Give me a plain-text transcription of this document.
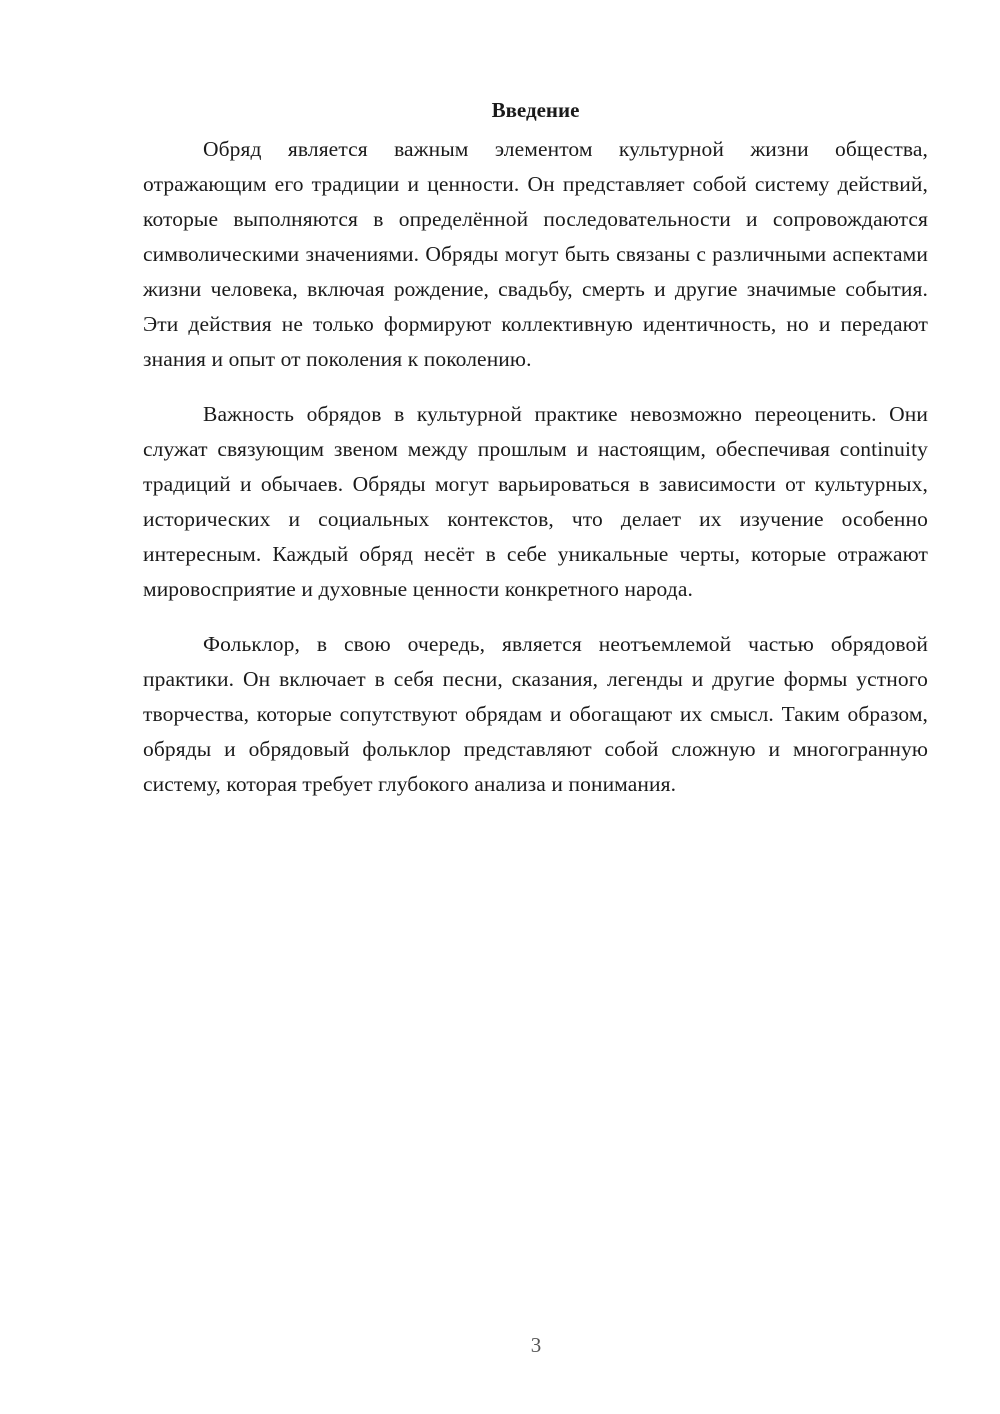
Введение

Обряд является важным элементом культурной жизни общества, отражающим его традиции и ценности. Он представляет собой систему действий, которые выполняются в определённой последовательности и сопровождаются символическими значениями. Обряды могут быть связаны с различными аспектами жизни человека, включая рождение, свадьбу, смерть и другие значимые события. Эти действия не только формируют коллективную идентичность, но и передают знания и опыт от поколения к поколению.

Важность обрядов в культурной практике невозможно переоценить. Они служат связующим звеном между прошлым и настоящим, обеспечивая continuity традиций и обычаев. Обряды могут варьироваться в зависимости от культурных, исторических и социальных контекстов, что делает их изучение особенно интересным. Каждый обряд несёт в себе уникальные черты, которые отражают мировосприятие и духовные ценности конкретного народа.

Фольклор, в свою очередь, является неотъемлемой частью обрядовой практики. Он включает в себя песни, сказания, легенды и другие формы устного творчества, которые сопутствуют обрядам и обогащают их смысл. Таким образом, обряды и обрядовый фольклор представляют собой сложную и многогранную систему, которая требует глубокого анализа и понимания.

3
